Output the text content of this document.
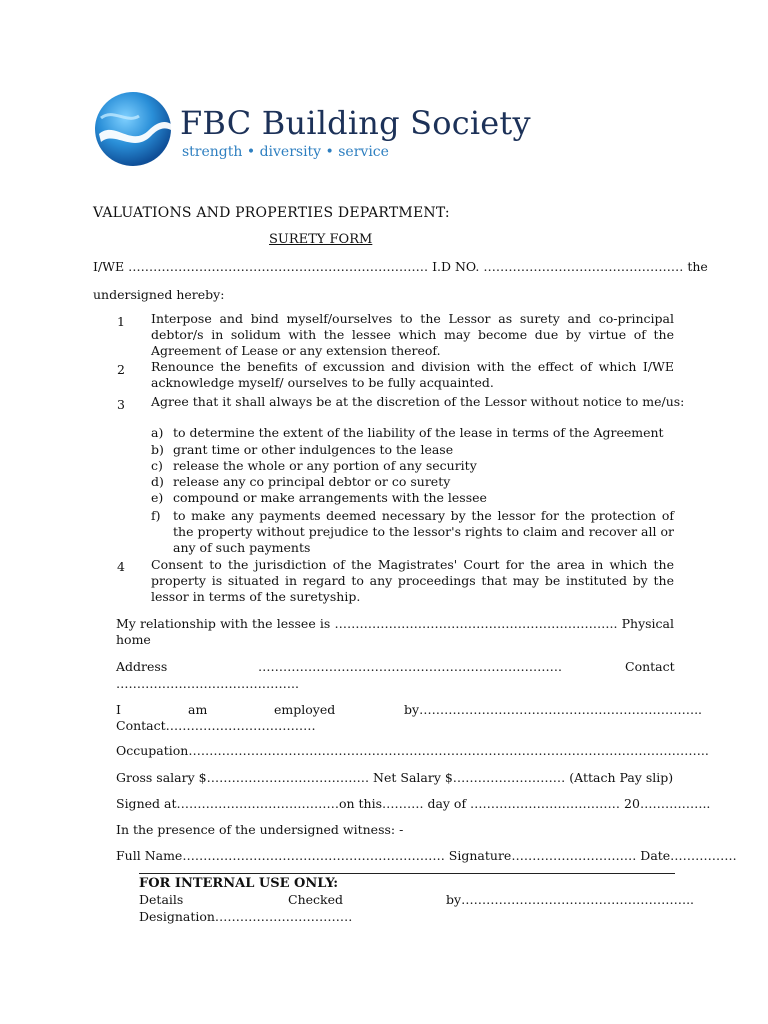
FBC Building Society
strength • diversity • service
VALUATIONS AND PROPERTIES DEPARTMENT:
SURETY FORM
I/WE ……………………………………………………………… I.D NO. ………………………………………… the
undersigned hereby:
1	Interpose and bind myself/ourselves to the Lessor as surety and co-principal debtor/s in solidum with the lessee which may become due by virtue of the Agreement of Lease or any extension thereof.
2	Renounce the benefits of excussion and division with the effect of which I/WE acknowledge myself/ ourselves to be fully acquainted.
3	Agree that it shall always be at the discretion of the Lessor without notice to me/us:
a) to determine the extent of the liability of the lease in terms of the Agreement
b) grant time or other indulgences to the lease
c) release the whole or any portion of any security
d) release any co principal debtor or co surety
e) compound or make arrangements with the lessee
f) to make any payments deemed necessary by the lessor for the protection of the property without prejudice to the lessor's rights to claim and recover all or any of such payments
4	Consent to the jurisdiction of the Magistrates' Court for the area in which the property is situated in regard to any proceedings that may be instituted by the lessor in terms of the suretyship.
My relationship with the lessee is ………………………………………………………….. Physical
home
Address	……………………………………………………………….	Contact
……………………………………..
I	am	employed	by…………………………………………………………..
Contact………………………………
Occupation……………………………………………………………………………………………………………..
Gross salary $………………………………… Net Salary $……………………… (Attach Pay slip)
Signed at…………………………………on this………. day of ……………………………… 20……………..
In the presence of the undersigned witness: -
Full Name……………………………………………………… Signature………………………… Date…………….
FOR INTERNAL USE ONLY:
Details	Checked	by………………………………………………..
Designation……………………………
